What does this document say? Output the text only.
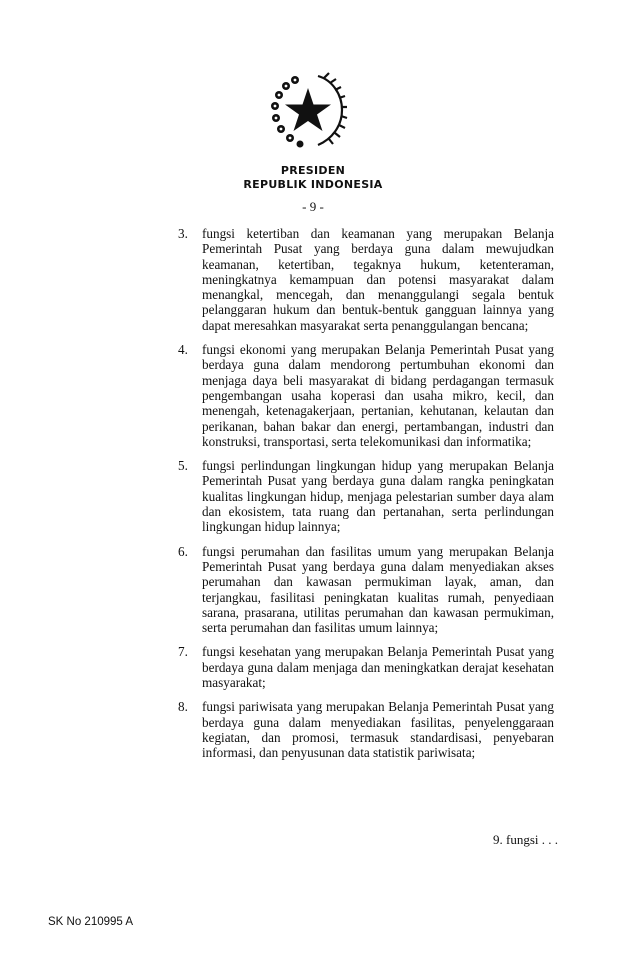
PRESIDEN
REPUBLIK INDONESIA
- 9 -
3. fungsi ketertiban dan keamanan yang merupakan Belanja Pemerintah Pusat yang berdaya guna dalam mewujudkan keamanan, ketertiban, tegaknya hukum, ketenteraman, meningkatnya kemampuan dan potensi masyarakat dalam menangkal, mencegah, dan menanggulangi segala bentuk pelanggaran hukum dan bentuk-bentuk gangguan lainnya yang dapat meresahkan masyarakat serta penanggulangan bencana;
4. fungsi ekonomi yang merupakan Belanja Pemerintah Pusat yang berdaya guna dalam mendorong pertumbuhan ekonomi dan menjaga daya beli masyarakat di bidang perdagangan termasuk pengembangan usaha koperasi dan usaha mikro, kecil, dan menengah, ketenagakerjaan, pertanian, kehutanan, kelautan dan perikanan, bahan bakar dan energi, pertambangan, industri dan konstruksi, transportasi, serta telekomunikasi dan informatika;
5. fungsi perlindungan lingkungan hidup yang merupakan Belanja Pemerintah Pusat yang berdaya guna dalam rangka peningkatan kualitas lingkungan hidup, menjaga pelestarian sumber daya alam dan ekosistem, tata ruang dan pertanahan, serta perlindungan lingkungan hidup lainnya;
6. fungsi perumahan dan fasilitas umum yang merupakan Belanja Pemerintah Pusat yang berdaya guna dalam menyediakan akses perumahan dan kawasan permukiman layak, aman, dan terjangkau, fasilitasi peningkatan kualitas rumah, penyediaan sarana, prasarana, utilitas perumahan dan kawasan permukiman, serta perumahan dan fasilitas umum lainnya;
7. fungsi kesehatan yang merupakan Belanja Pemerintah Pusat yang berdaya guna dalam menjaga dan meningkatkan derajat kesehatan masyarakat;
8. fungsi pariwisata yang merupakan Belanja Pemerintah Pusat yang berdaya guna dalam menyediakan fasilitas, penyelenggaraan kegiatan, dan promosi, termasuk standardisasi, penyebaran informasi, dan penyusunan data statistik pariwisata;
9. fungsi . . .
SK No 210995 A
